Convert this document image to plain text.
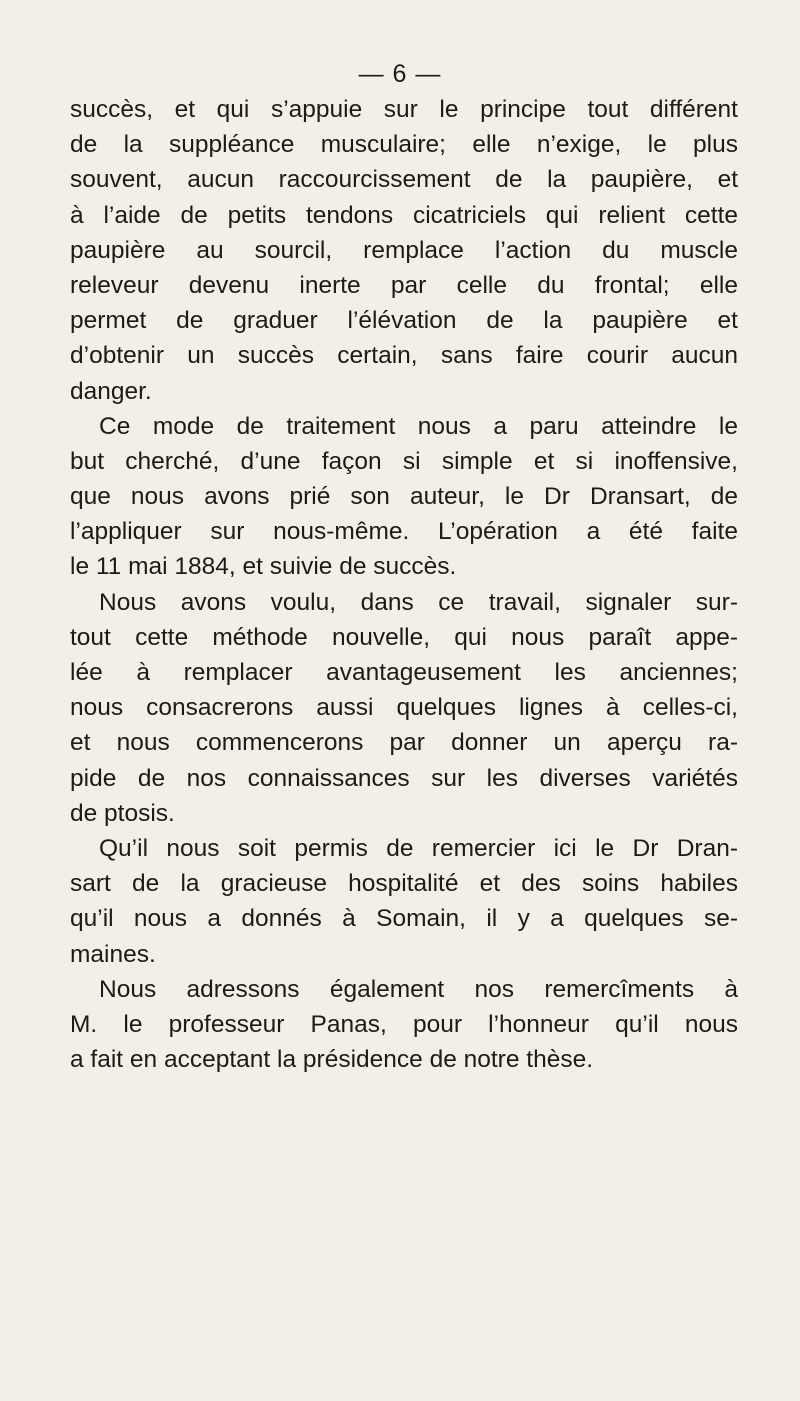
— 6 —
succès, et qui s’appuie sur le principe tout différent
de la suppléance musculaire; elle n’exige, le plus
souvent, aucun raccourcissement de la paupière, et
à l’aide de petits tendons cicatriciels qui relient cette
paupière au sourcil, remplace l’action du muscle
releveur devenu inerte par celle du frontal; elle
permet de graduer l’élévation de la paupière et
d’obtenir un succès certain, sans faire courir aucun
danger.
Ce mode de traitement nous a paru atteindre le
but cherché, d’une façon si simple et si inoffensive,
que nous avons prié son auteur, le Dr Dransart, de
l’appliquer sur nous-même. L’opération a été faite
le 11 mai 1884, et suivie de succès.
Nous avons voulu, dans ce travail, signaler sur-
tout cette méthode nouvelle, qui nous paraît appe-
lée à remplacer avantageusement les anciennes;
nous consacrerons aussi quelques lignes à celles-ci,
et nous commencerons par donner un aperçu ra-
pide de nos connaissances sur les diverses variétés
de ptosis.
Qu’il nous soit permis de remercier ici le Dr Dran-
sart de la gracieuse hospitalité et des soins habiles
qu’il nous a donnés à Somain, il y a quelques se-
maines.
Nous adressons également nos remercîments à
M. le professeur Panas, pour l’honneur qu’il nous
a fait en acceptant la présidence de notre thèse.
